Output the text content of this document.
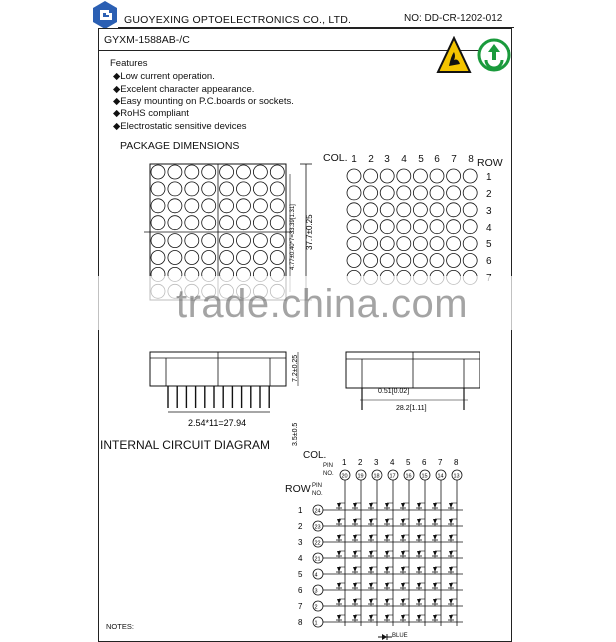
GUOYEXING OPTOELECTRONICS CO., LTD.	NO: DD-CR-1202-012
GYXM-1588AB-/C
Features
◆Low current operation.
◆Excelent character appearance.
◆Easy mounting on P.C.boards or sockets.
◆RoHS compliant
◆Electrostatic sensitive devices
PACKAGE DIMENSIONS
37.7±0.25
4.77±0.40*7=33.39[1.31]
2.54*11=27.94
7.2±0.25
3.5±0.5
COL.	ROW
1 2 3 4 5 6 7 8
1
2
3
4
5
6
0.51[0.02]
28.2[1.11]
trade.china.com
INTERNAL CIRCUIT DIAGRAM
COL.
PIN
NO.
ROW PIN
NO.
1
20
2
19
3
18
4
17
5
16
6
15
7
14
8
13
1 24
2 23
3 22
4 21
5 4
6 3
7 2
8 1
NOTES:
BLUE
